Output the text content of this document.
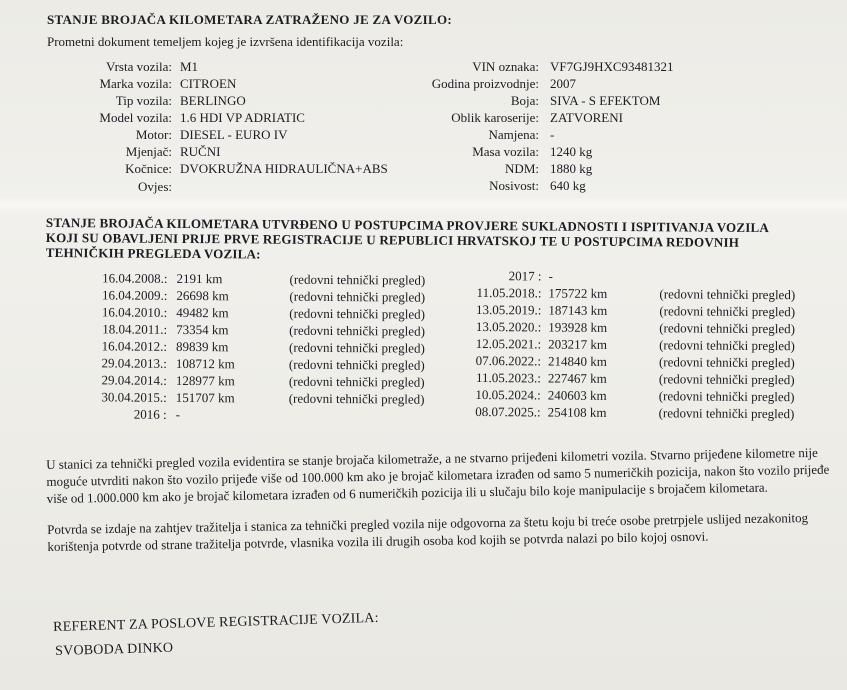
STANJE BROJAČA KILOMETARA ZATRAŽENO JE ZA VOZILO:
Prometni dokument temeljem kojeg je izvršena identifikacija vozila:
Vrsta vozila: M1
Marka vozila: CITROEN
Tip vozila: BERLINGO
Model vozila: 1.6 HDI VP ADRIATIC
Motor: DIESEL - EURO IV
Mjenjač: RUČNI
Kočnice: DVOKRUŽNA HIDRAULIČNA+ABS
Ovjes:
VIN oznaka: VF7GJ9HXC93481321
Godina proizvodnje: 2007
Boja: SIVA - S EFEKTOM
Oblik karoserije: ZATVORENI
Namjena: -
Masa vozila: 1240 kg
NDM: 1880 kg
Nosivost: 640 kg
STANJE BROJAČA KILOMETARA UTVRĐENO U POSTUPCIMA PROVJERE SUKLADNOSTI I ISPITIVANJA VOZILA
KOJI SU OBAVLJENI PRIJE PRVE REGISTRACIJE U REPUBLICI HRVATSKOJ TE U POSTUPCIMA REDOVNIH
TEHNIČKIH PREGLEDA VOZILA:
16.04.2008.: 2191 km	(redovni tehnički pregled)
16.04.2009.: 26698 km	(redovni tehnički pregled)
16.04.2010.: 49482 km	(redovni tehnički pregled)
18.04.2011.: 73354 km	(redovni tehnički pregled)
16.04.2012.: 89839 km	(redovni tehnički pregled)
29.04.2013.: 108712 km	(redovni tehnički pregled)
29.04.2014.: 128977 km	(redovni tehnički pregled)
30.04.2015.: 151707 km	(redovni tehnički pregled)
2016 : -
2017 : -
11.05.2018.: 175722 km	(redovni tehnički pregled)
13.05.2019.: 187143 km	(redovni tehnički pregled)
13.05.2020.: 193928 km	(redovni tehnički pregled)
12.05.2021.: 203217 km	(redovni tehnički pregled)
07.06.2022.: 214840 km	(redovni tehnički pregled)
11.05.2023.: 227467 km	(redovni tehnički pregled)
10.05.2024.: 240603 km	(redovni tehnički pregled)
08.07.2025.: 254108 km	(redovni tehnički pregled)

U stanici za tehnički pregled vozila evidentira se stanje brojača kilometraže, a ne stvarno prijeđeni kilometri vozila. Stvarno prijeđene kilometre nije moguće utvrditi nakon što vozilo prijeđe više od 100.000 km ako je brojač kilometara izrađen od samo 5 numeričkih pozicija, nakon što vozilo prijeđe više od 1.000.000 km ako je brojač kilometara izrađen od 6 numeričkih pozicija ili u slučaju bilo koje manipulacije s brojačem kilometara.

Potvrda se izdaje na zahtjev tražitelja i stanica za tehnički pregled vozila nije odgovorna za štetu koju bi treće osobe pretrpjele uslijed nezakonitog korištenja potvrde od strane tražitelja potvrde, vlasnika vozila ili drugih osoba kod kojih se potvrda nalazi po bilo kojoj osnovi.

REFERENT ZA POSLOVE REGISTRACIJE VOZILA:
SVOBODA DINKO
